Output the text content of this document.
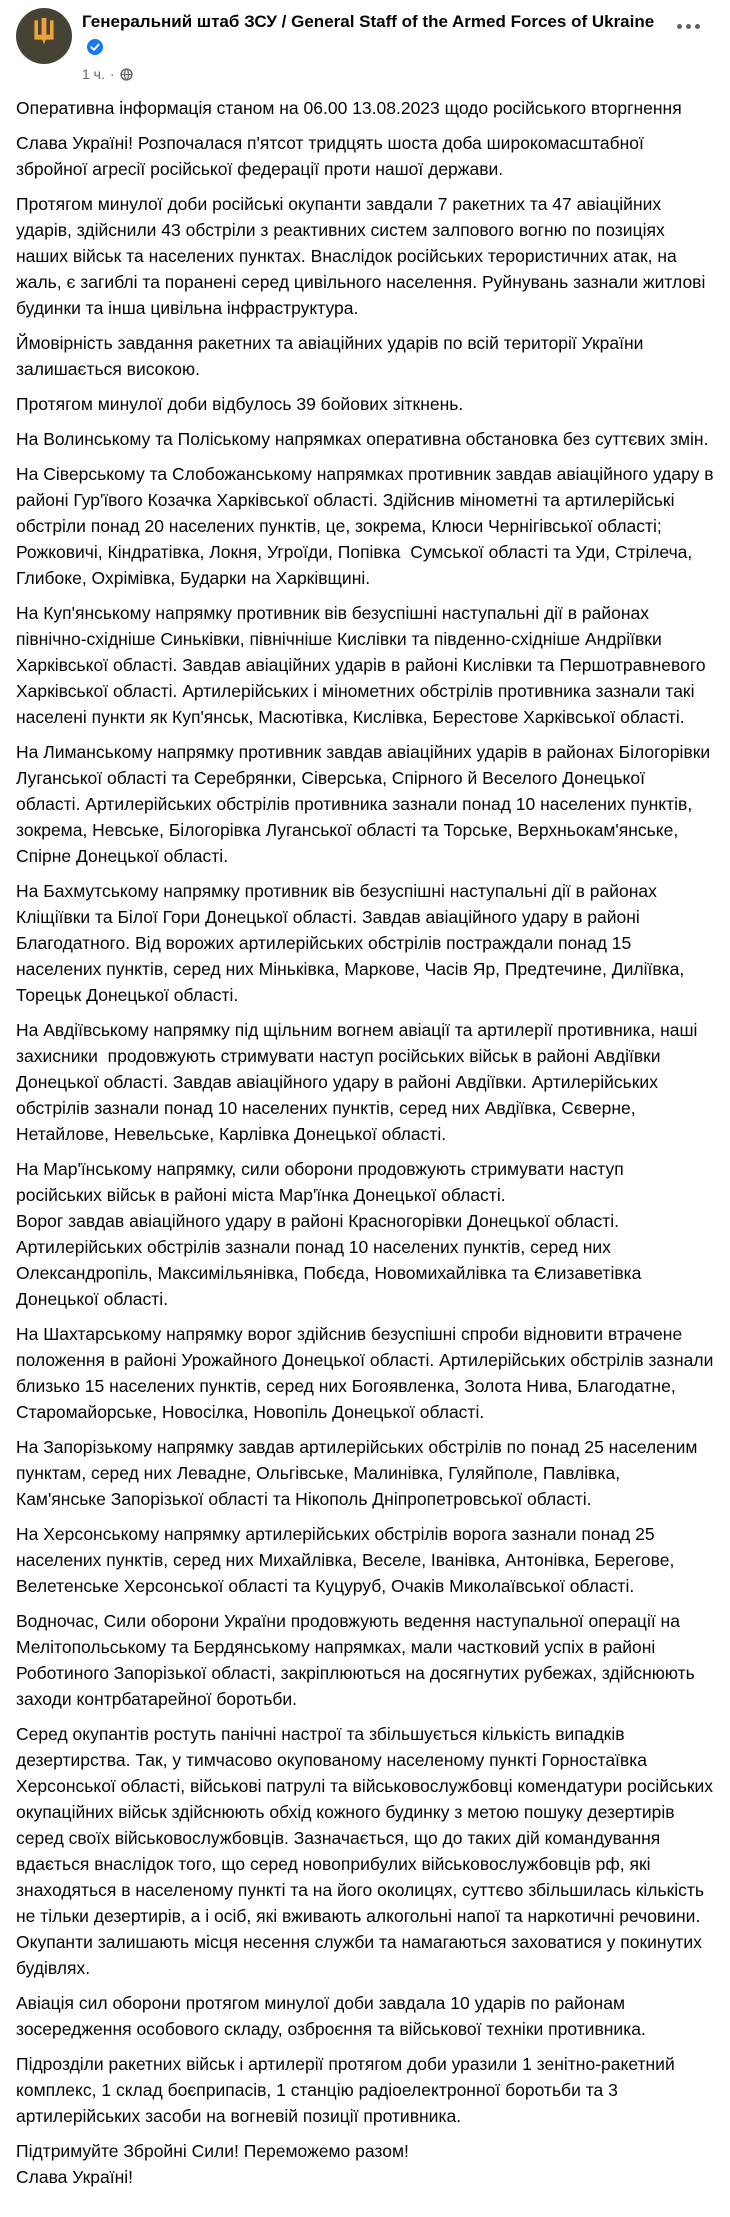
Генеральний штаб ЗСУ / General Staff of the Armed Forces of Ukraine
1 ч. ·

Оперативна інформація станом на 06.00 13.08.2023 щодо російського вторгнення

Слава Україні! Розпочалася п'ятсот тридцять шоста доба широкомасштабної збройної агресії російської федерації проти нашої держави.

Протягом минулої доби російські окупанти завдали 7 ракетних та 47 авіаційних ударів, здійснили 43 обстріли з реактивних систем залпового вогню по позиціях наших військ та населених пунктах. Внаслідок російських терористичних атак, на жаль, є загиблі та поранені серед цивільного населення. Руйнувань зазнали житлові будинки та інша цивільна інфраструктура.

Ймовірність завдання ракетних та авіаційних ударів по всій території України залишається високою.

Протягом минулої доби відбулось 39 бойових зіткнень.

На Волинському та Поліському напрямках оперативна обстановка без суттєвих змін.

На Сіверському та Слобожанському напрямках противник завдав авіаційного удару в районі Гур'ївого Козачка Харківської області. Здійснив мінометні та артилерійські обстріли понад 20 населених пунктів, це, зокрема, Клюси Чернігівської області; Рожковичі, Кіндратівка, Локня, Угроїди, Попівка  Сумської області та Уди, Стрілеча, Глибоке, Охрімівка, Бударки на Харківщині.

На Куп'янському напрямку противник вів безуспішні наступальні дії в районах північно-східніше Синьківки, північніше Кислівки та південно-східніше Андріївки Харківської області. Завдав авіаційних ударів в районі Кислівки та Першотравневого Харківської області. Артилерійських і мінометних обстрілів противника зазнали такі населені пункти як Куп'янськ, Масютівка, Кислівка, Берестове Харківської області.

На Лиманському напрямку противник завдав авіаційних ударів в районах Білогорівки Луганської області та Серебрянки, Сіверська, Спірного й Веселого Донецької області. Артилерійських обстрілів противника зазнали понад 10 населених пунктів, зокрема, Невське, Білогорівка Луганської області та Торське, Верхньокам'янське, Спірне Донецької області.

На Бахмутському напрямку противник вів безуспішні наступальні дії в районах Кліщіївки та Білої Гори Донецької області. Завдав авіаційного удару в районі Благодатного. Від ворожих артилерійських обстрілів постраждали понад 15 населених пунктів, серед них Міньківка, Маркове, Часів Яр, Предтечине, Диліївка, Торецьк Донецької області.

На Авдіївському напрямку під щільним вогнем авіації та артилерії противника, наші захисники  продовжують стримувати наступ російських військ в районі Авдіївки Донецької області. Завдав авіаційного удару в районі Авдіївки. Артилерійських обстрілів зазнали понад 10 населених пунктів, серед них Авдіївка, Сєверне, Нетайлове, Невельське, Карлівка Донецької області.

На Мар'їнському напрямку, сили оборони продовжують стримувати наступ російських військ в районі міста Мар'їнка Донецької області.
Ворог завдав авіаційного удару в районі Красногорівки Донецької області. Артилерійських обстрілів зазнали понад 10 населених пунктів, серед них Олександропіль, Максимільянівка, Побєда, Новомихайлівка та Єлизаветівка Донецької області.

На Шахтарському напрямку ворог здійснив безуспішні спроби відновити втрачене положення в районі Урожайного Донецької області. Артилерійських обстрілів зазнали близько 15 населених пунктів, серед них Богоявленка, Золота Нива, Благодатне, Старомайорське, Новосілка, Новопіль Донецької області.

На Запорізькому напрямку завдав артилерійських обстрілів по понад 25 населеним пунктам, серед них Левадне, Ольгівське, Малинівка, Гуляйполе, Павлівка, Кам'янське Запорізької області та Нікополь Дніпропетровської області.

На Херсонському напрямку артилерійських обстрілів ворога зазнали понад 25 населених пунктів, серед них Михайлівка, Веселе, Іванівка, Антонівка, Берегове, Велетенське Херсонської області та Куцуруб, Очаків Миколаївської області.

Водночас, Сили оборони України продовжують ведення наступальної операції на Мелітопольському та Бердянському напрямках, мали частковий успіх в районі Роботиного Запорізької області, закріплюються на досягнутих рубежах, здійснюють заходи контрбатарейної боротьби.

Серед окупантів ростуть панічні настрої та збільшується кількість випадків дезертирства. Так, у тимчасово окупованому населеному пункті Горностаївка Херсонської області, військові патрулі та військовослужбовці комендатури російських окупаційних військ здійснюють обхід кожного будинку з метою пошуку дезертирів серед своїх військовослужбовців. Зазначається, що до таких дій командування вдається внаслідок того, що серед новоприбулих військовослужбовців рф, які знаходяться в населеному пункті та на його околицях, суттєво збільшилась кількість не тільки дезертирів, а і осіб, які вживають алкогольні напої та наркотичні речовини. Окупанти залишають місця несення служби та намагаються заховатися у покинутих будівлях.

Авіація сил оборони протягом минулої доби завдала 10 ударів по районам зосередження особового складу, озброєння та військової техніки противника.

Підрозділи ракетних військ і артилерії протягом доби уразили 1 зенітно-ракетний комплекс, 1 склад боєприпасів, 1 станцію радіоелектронної боротьби та 3 артилерійських засоби на вогневій позиції противника.

Підтримуйте Збройні Сили! Переможемо разом!
Слава Україні!
